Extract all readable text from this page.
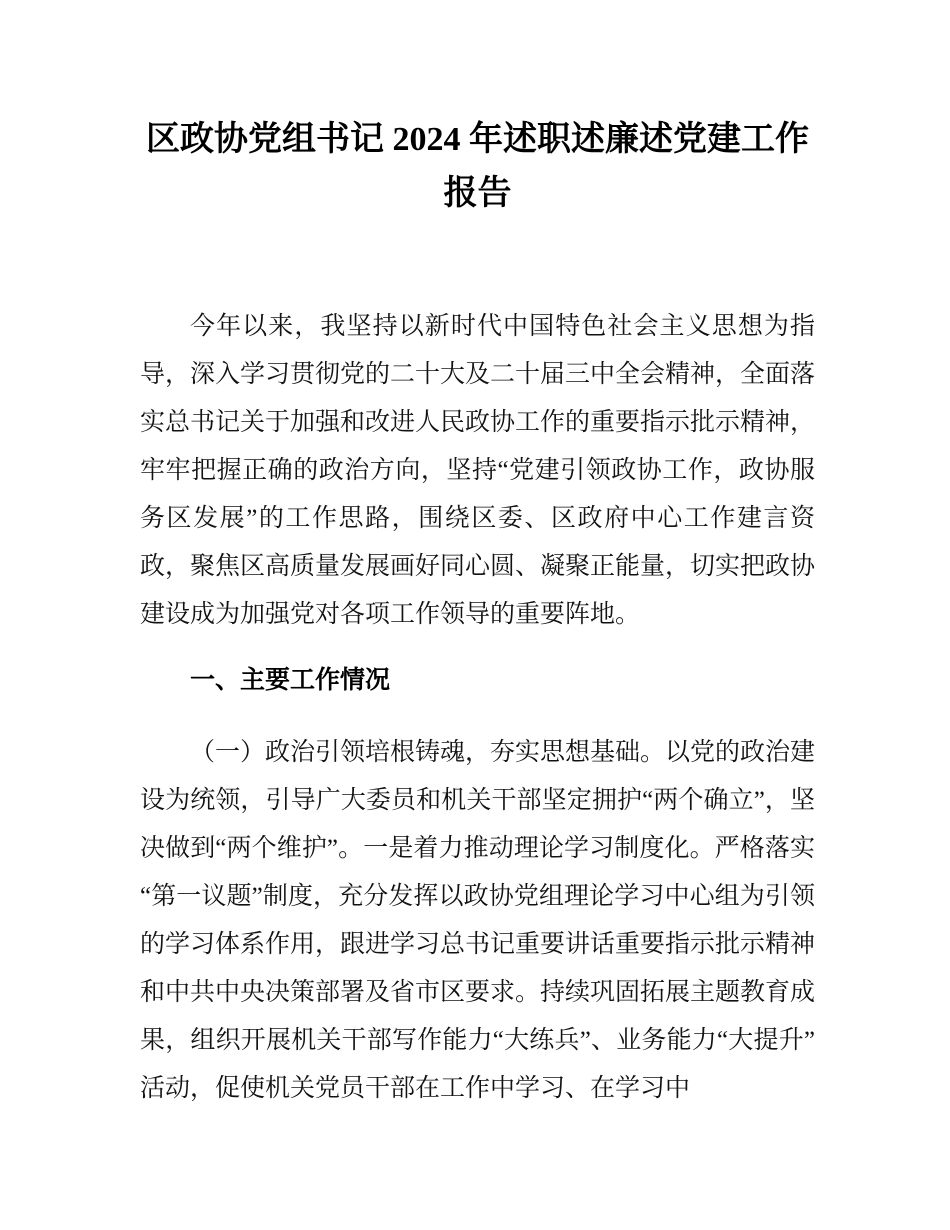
区政协党组书记 2024 年述职述廉述党建工作
报告

今年以来，我坚持以新时代中国特色社会主义思想为指导，深入学习贯彻党的二十大及二十届三中全会精神，全面落实总书记关于加强和改进人民政协工作的重要指示批示精神，牢牢把握正确的政治方向，坚持“党建引领政协工作，政协服务区发展”的工作思路，围绕区委、区政府中心工作建言资政，聚焦区高质量发展画好同心圆、凝聚正能量，切实把政协建设成为加强党对各项工作领导的重要阵地。

一、主要工作情况

（一）政治引领培根铸魂，夯实思想基础。以党的政治建设为统领，引导广大委员和机关干部坚定拥护“两个确立”，坚决做到“两个维护”。一是着力推动理论学习制度化。严格落实“第一议题”制度，充分发挥以政协党组理论学习中心组为引领的学习体系作用，跟进学习总书记重要讲话重要指示批示精神和中共中央决策部署及省市区要求。持续巩固拓展主题教育成果，组织开展机关干部写作能力“大练兵”、业务能力“大提升”活动，促使机关党员干部在工作中学习、在学习中
